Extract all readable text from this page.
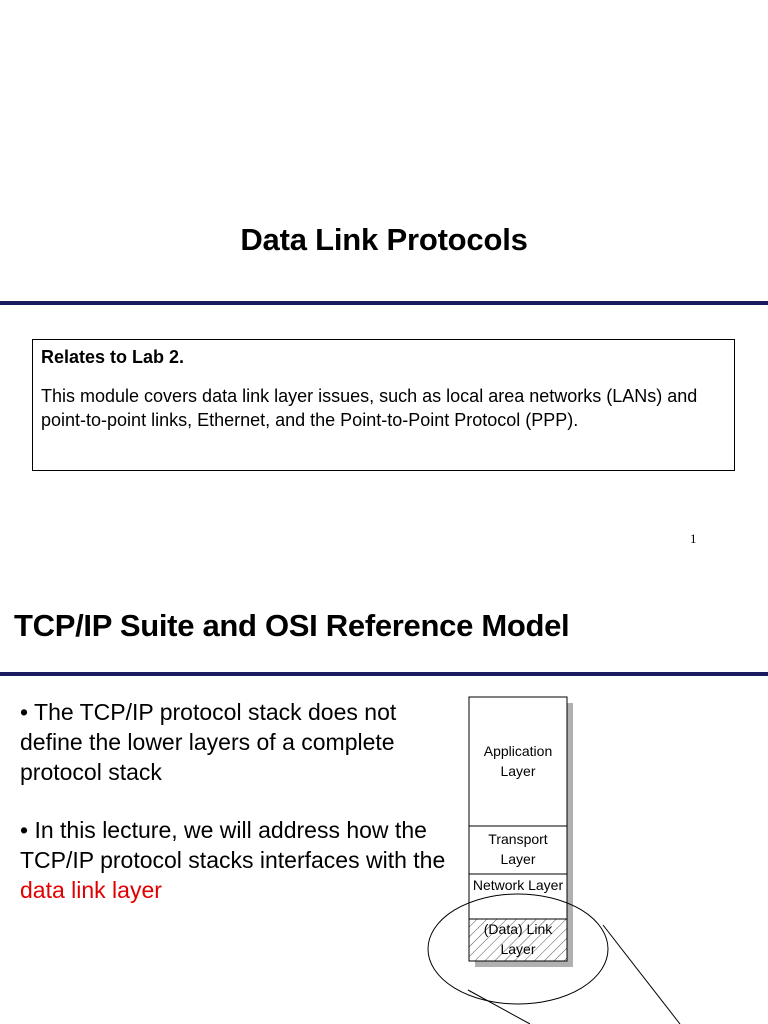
Data Link Protocols

Relates to Lab 2.

This module covers data link layer issues, such as local area networks (LANs) and point-to-point links, Ethernet, and the Point-to-Point Protocol (PPP).

1
TCP/IP Suite and OSI Reference Model
• The TCP/IP protocol stack does not define the lower layers of a complete protocol stack
• In this lecture, we will address how the TCP/IP protocol stacks interfaces with the data link layer
Application Layer
Transport Layer
Network Layer
(Data) Link Layer
